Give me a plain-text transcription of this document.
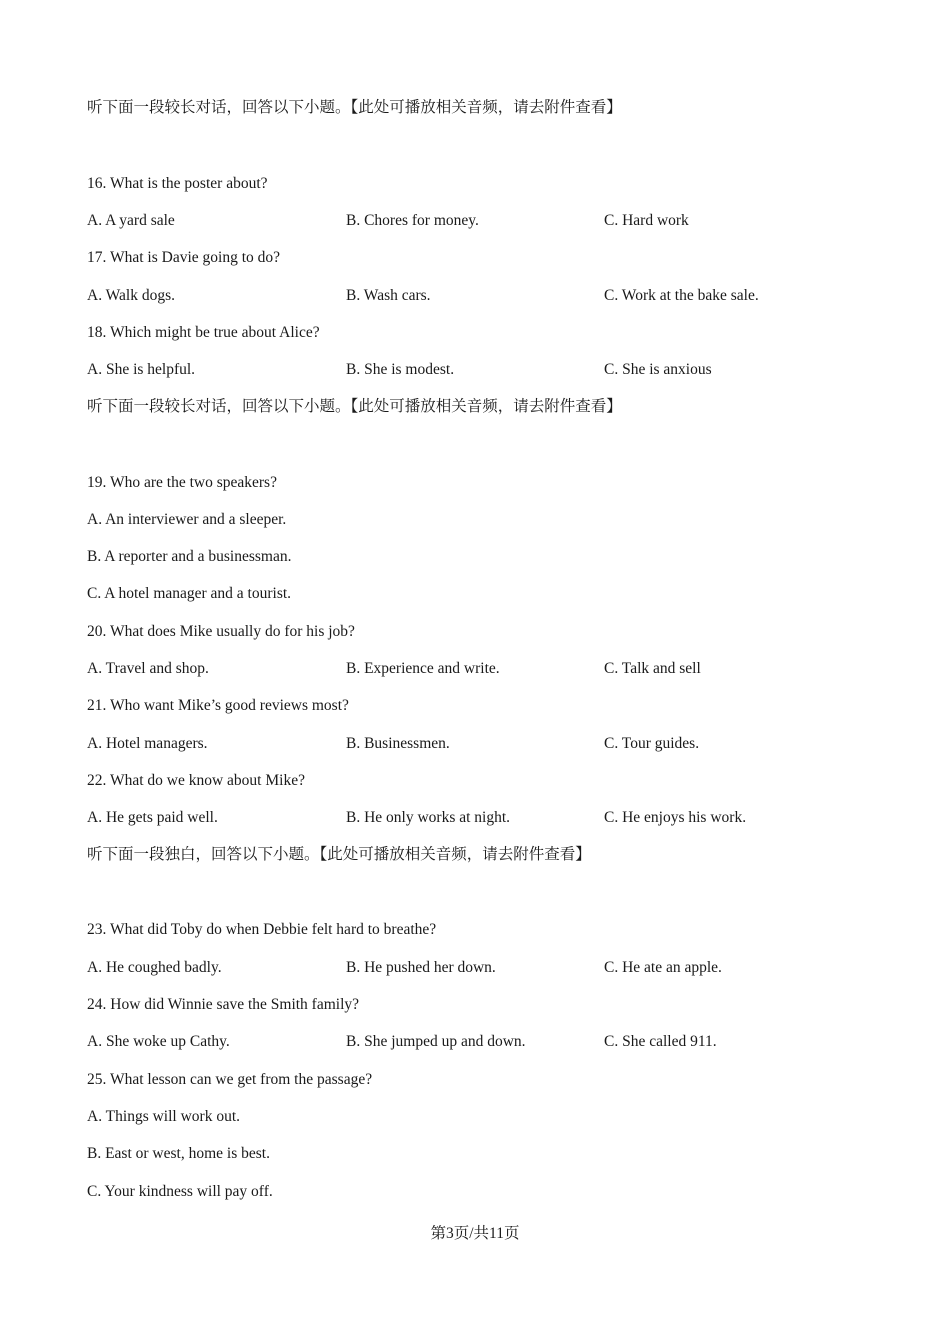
听下面一段较长对话，回答以下小题。【此处可播放相关音频，请去附件查看】
16. What is the poster about?
A. A yard sale	B. Chores for money.	C. Hard work
17. What is Davie going to do?
A. Walk dogs.	B. Wash cars.	C. Work at the bake sale.
18. Which might be true about Alice?
A. She is helpful.	B. She is modest.	C. She is anxious
听下面一段较长对话，回答以下小题。【此处可播放相关音频，请去附件查看】
19. Who are the two speakers?
A. An interviewer and a sleeper.
B. A reporter and a businessman.
C. A hotel manager and a tourist.
20. What does Mike usually do for his job?
A. Travel and shop.	B. Experience and write.	C. Talk and sell
21. Who want Mike’s good reviews most?
A. Hotel managers.	B. Businessmen.	C. Tour guides.
22. What do we know about Mike?
A. He gets paid well.	B. He only works at night.	C. He enjoys his work.
听下面一段独白，回答以下小题。【此处可播放相关音频，请去附件查看】
23. What did Toby do when Debbie felt hard to breathe?
A. He coughed badly.	B. He pushed her down.	C. He ate an apple.
24. How did Winnie save the Smith family?
A. She woke up Cathy.	B. She jumped up and down.	C. She called 911.
25. What lesson can we get from the passage?
A. Things will work out.
B. East or west, home is best.
C. Your kindness will pay off.
第3页/共11页
